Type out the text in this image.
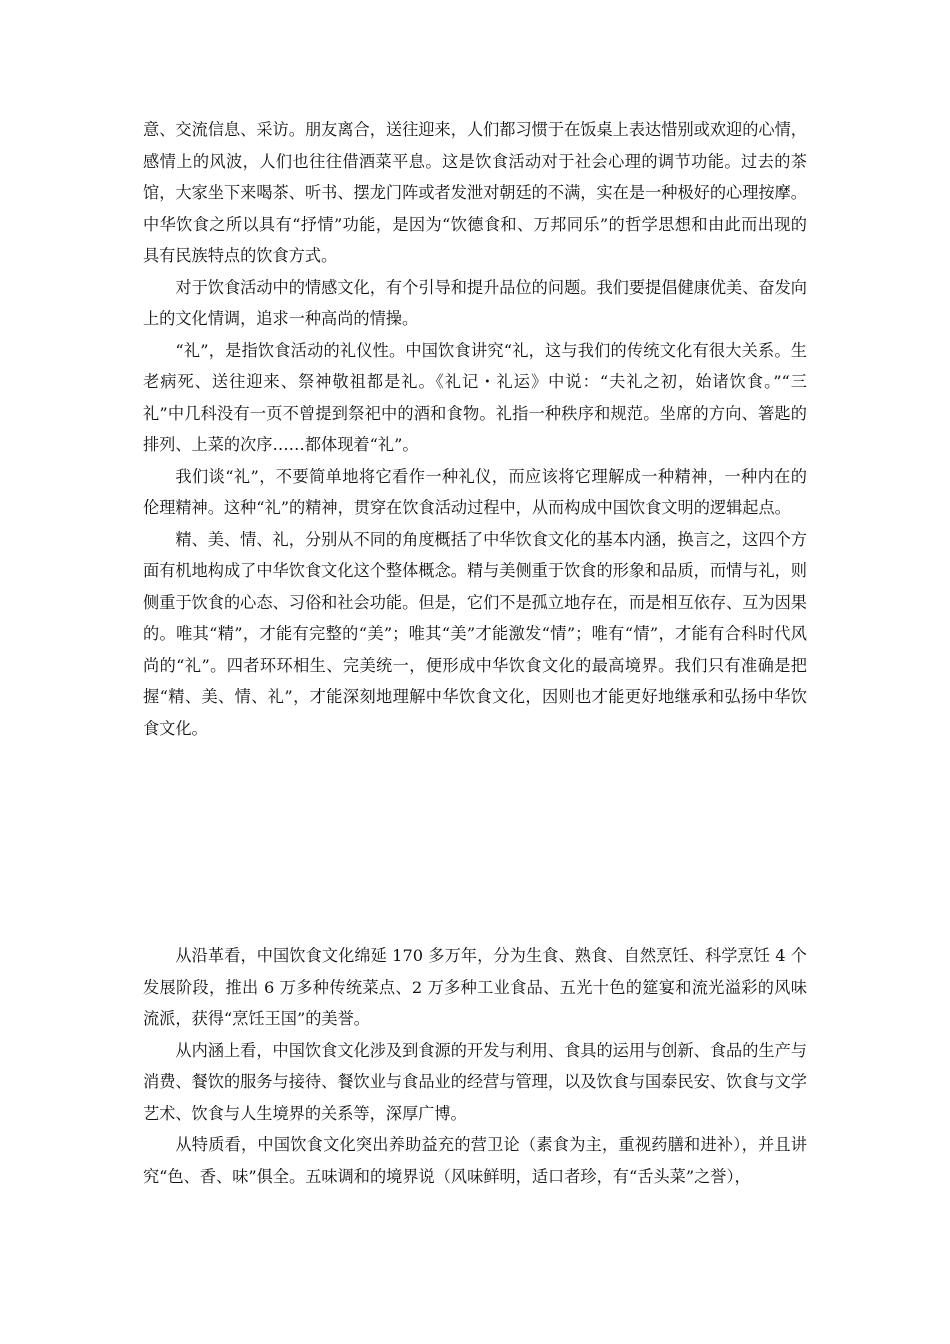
意、交流信息、采访。朋友离合，送往迎来，人们都习惯于在饭桌上表达惜别或欢迎的心情，感情上的风波，人们也往往借酒菜平息。这是饮食活动对于社会心理的调节功能。过去的茶馆，大家坐下来喝茶、听书、摆龙门阵或者发泄对朝廷的不满，实在是一种极好的心理按摩。中华饮食之所以具有“抒情”功能，是因为“饮德食和、万邦同乐”的哲学思想和由此而出现的具有民族特点的饮食方式。

对于饮食活动中的情感文化，有个引导和提升品位的问题。我们要提倡健康优美、奋发向上的文化情调，追求一种高尚的情操。

“礼”，是指饮食活动的礼仪性。中国饮食讲究“礼，这与我们的传统文化有很大关系。生老病死、送往迎来、祭神敬祖都是礼。《礼记・礼运》中说：“夫礼之初，始诸饮食。”“三礼”中几科没有一页不曾提到祭祀中的酒和食物。礼指一种秩序和规范。坐席的方向、箸匙的排列、上菜的次序……都体现着“礼”。

我们谈“礼”，不要简单地将它看作一种礼仪，而应该将它理解成一种精神，一种内在的伦理精神。这种“礼”的精神，贯穿在饮食活动过程中，从而构成中国饮食文明的逻辑起点。

精、美、情、礼，分别从不同的角度概括了中华饮食文化的基本内涵，换言之，这四个方面有机地构成了中华饮食文化这个整体概念。精与美侧重于饮食的形象和品质，而情与礼，则侧重于饮食的心态、习俗和社会功能。但是，它们不是孤立地存在，而是相互依存、互为因果的。唯其“精”，才能有完整的“美”；唯其“美”才能激发“情”；唯有“情”，才能有合科时代风尚的“礼”。四者环环相生、完美统一，便形成中华饮食文化的最高境界。我们只有准确是把握“精、美、情、礼”，才能深刻地理解中华饮食文化，因则也才能更好地继承和弘扬中华饮食文化。

从沿革看，中国饮食文化绵延 170 多万年，分为生食、熟食、自然烹饪、科学烹饪 4 个发展阶段，推出 6 万多种传统菜点、2 万多种工业食品、五光十色的筵宴和流光溢彩的风味流派，获得“烹饪王国”的美誉。

从内涵上看，中国饮食文化涉及到食源的开发与利用、食具的运用与创新、食品的生产与消费、餐饮的服务与接待、餐饮业与食品业的经营与管理，以及饮食与国泰民安、饮食与文学艺术、饮食与人生境界的关系等，深厚广博。

从特质看，中国饮食文化突出养助益充的营卫论（素食为主，重视药膳和进补），并且讲究“色、香、味”俱全。五味调和的境界说（风味鲜明，适口者珍，有“舌头菜”之誉），
